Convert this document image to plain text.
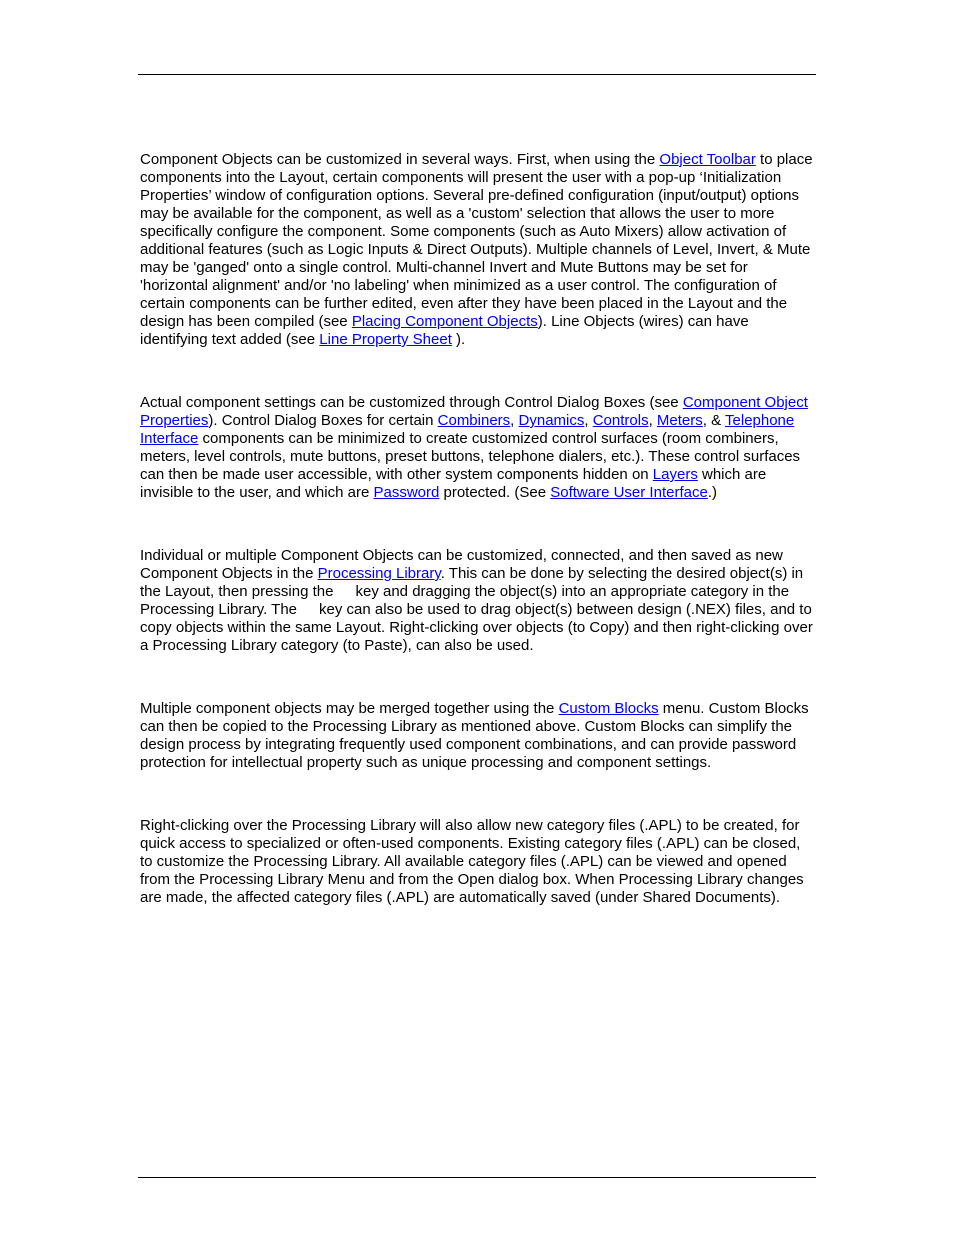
Component Objects can be customized in several ways. First, when using the Object Toolbar to place components into the Layout, certain components will present the user with a pop-up ‘Initialization Properties’ window of configuration options. Several pre-defined configuration (input/output) options may be available for the component, as well as a 'custom' selection that allows the user to more specifically configure the component. Some components (such as Auto Mixers) allow activation of additional features (such as Logic Inputs & Direct Outputs). Multiple channels of Level, Invert, & Mute may be 'ganged' onto a single control. Multi-channel Invert and Mute Buttons may be set for 'horizontal alignment' and/or 'no labeling' when minimized as a user control. The configuration of certain components can be further edited, even after they have been placed in the Layout and the design has been compiled (see Placing Component Objects). Line Objects (wires) can have identifying text added (see Line Property Sheet ).

Actual component settings can be customized through Control Dialog Boxes (see Component Object Properties). Control Dialog Boxes for certain Combiners, Dynamics, Controls, Meters, & Telephone Interface components can be minimized to create customized control surfaces (room combiners, meters, level controls, mute buttons, preset buttons, telephone dialers, etc.). These control surfaces can then be made user accessible, with other system components hidden on Layers which are invisible to the user, and which are Password protected. (See Software User Interface.)

Individual or multiple Component Objects can be customized, connected, and then saved as new Component Objects in the Processing Library. This can be done by selecting the desired object(s) in the Layout, then pressing the key and dragging the object(s) into an appropriate category in the Processing Library. The key can also be used to drag object(s) between design (.NEX) files, and to copy objects within the same Layout. Right-clicking over objects (to Copy) and then right-clicking over a Processing Library category (to Paste), can also be used.

Multiple component objects may be merged together using the Custom Blocks menu. Custom Blocks can then be copied to the Processing Library as mentioned above. Custom Blocks can simplify the design process by integrating frequently used component combinations, and can provide password protection for intellectual property such as unique processing and component settings.

Right-clicking over the Processing Library will also allow new category files (.APL) to be created, for quick access to specialized or often-used components. Existing category files (.APL) can be closed, to customize the Processing Library. All available category files (.APL) can be viewed and opened from the Processing Library Menu and from the Open dialog box. When Processing Library changes are made, the affected category files (.APL) are automatically saved (under Shared Documents).
